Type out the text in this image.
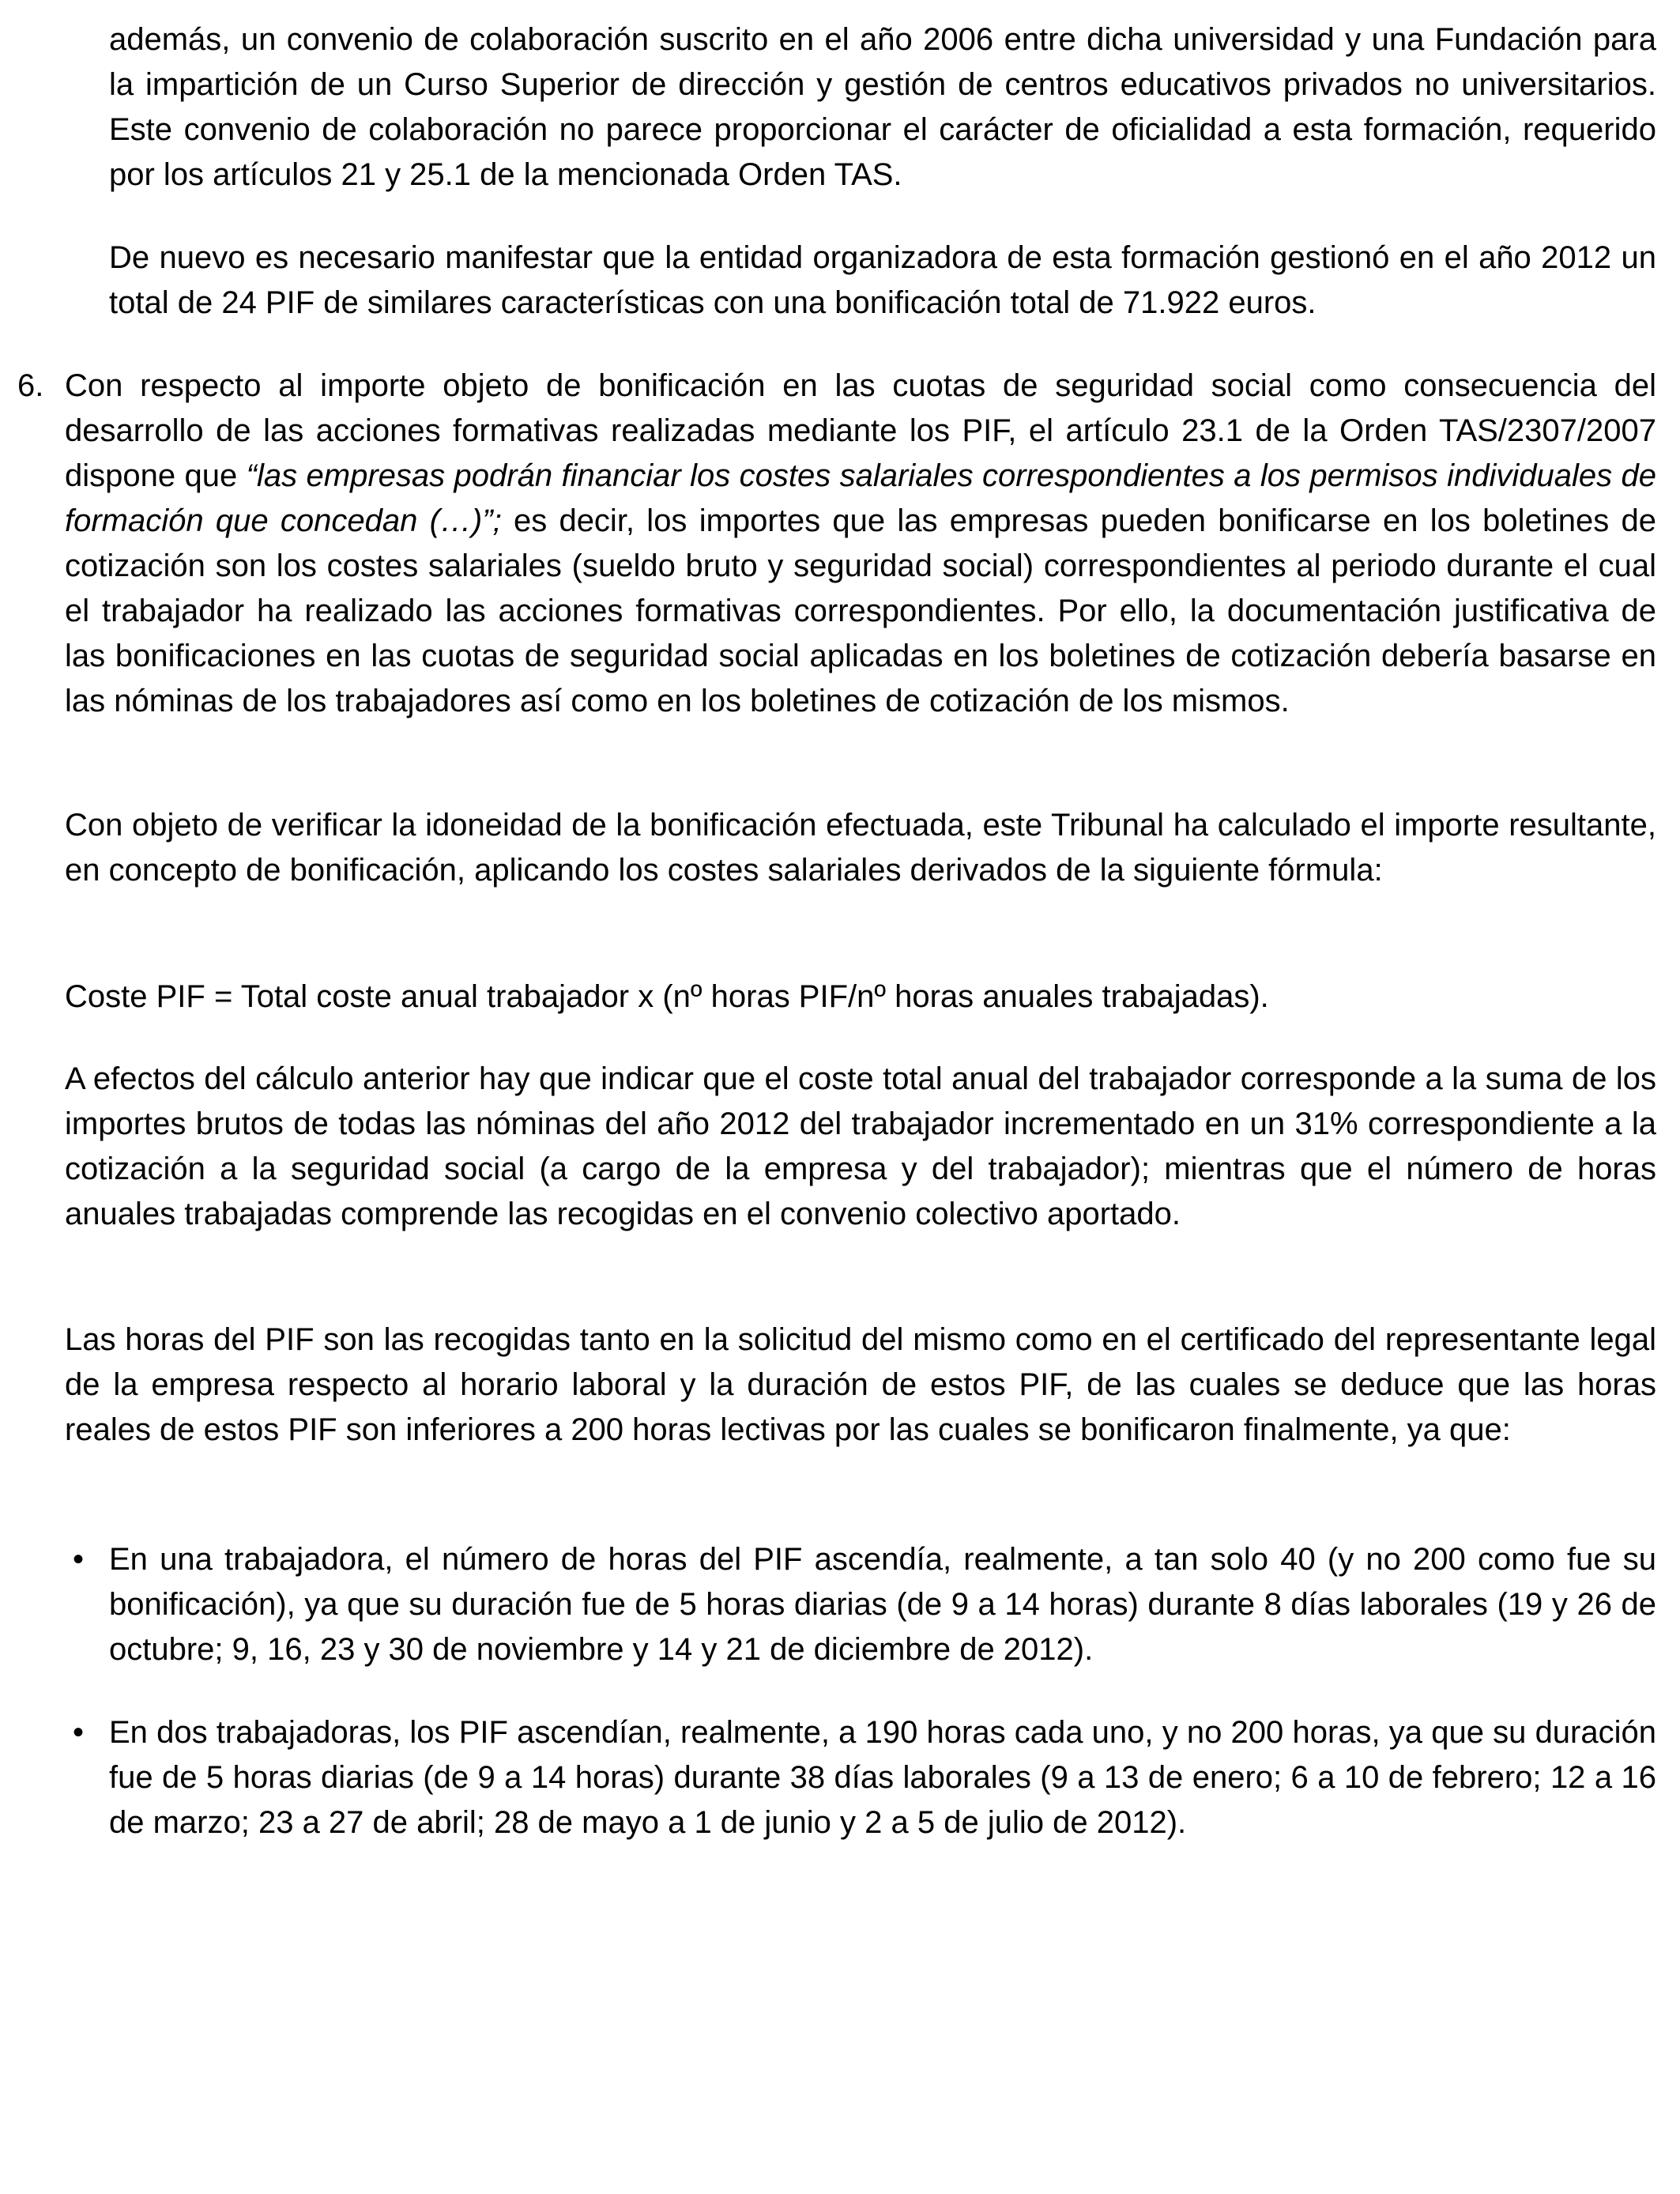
además, un convenio de colaboración suscrito en el año 2006 entre dicha universidad y una Fundación para la impartición de un Curso Superior de dirección y gestión de centros educativos privados no universitarios. Este convenio de colaboración no parece proporcionar el carácter de oficialidad a esta formación, requerido por los artículos 21 y 25.1 de la mencionada Orden TAS.

De nuevo es necesario manifestar que la entidad organizadora de esta formación gestionó en el año 2012 un total de 24 PIF de similares características con una bonificación total de 71.922 euros.

6. Con respecto al importe objeto de bonificación en las cuotas de seguridad social como consecuencia del desarrollo de las acciones formativas realizadas mediante los PIF, el artículo 23.1 de la Orden TAS/2307/2007 dispone que “las empresas podrán financiar los costes salariales correspondientes a los permisos individuales de formación que concedan (…)”; es decir, los importes que las empresas pueden bonificarse en los boletines de cotización son los costes salariales (sueldo bruto y seguridad social) correspondientes al periodo durante el cual el trabajador ha realizado las acciones formativas correspondientes. Por ello, la documentación justificativa de las bonificaciones en las cuotas de seguridad social aplicadas en los boletines de cotización debería basarse en las nóminas de los trabajadores así como en los boletines de cotización de los mismos.

Con objeto de verificar la idoneidad de la bonificación efectuada, este Tribunal ha calculado el importe resultante, en concepto de bonificación, aplicando los costes salariales derivados de la siguiente fórmula:

Coste PIF = Total coste anual trabajador x (nº horas PIF/nº horas anuales trabajadas).

A efectos del cálculo anterior hay que indicar que el coste total anual del trabajador corresponde a la suma de los importes brutos de todas las nóminas del año 2012 del trabajador incrementado en un 31% correspondiente a la cotización a la seguridad social (a cargo de la empresa y del trabajador); mientras que el número de horas anuales trabajadas comprende las recogidas en el convenio colectivo aportado.

Las horas del PIF son las recogidas tanto en la solicitud del mismo como en el certificado del representante legal de la empresa respecto al horario laboral y la duración de estos PIF, de las cuales se deduce que las horas reales de estos PIF son inferiores a 200 horas lectivas por las cuales se bonificaron finalmente, ya que:

• En una trabajadora, el número de horas del PIF ascendía, realmente, a tan solo 40 (y no 200 como fue su bonificación), ya que su duración fue de 5 horas diarias (de 9 a 14 horas) durante 8 días laborales (19 y 26 de octubre; 9, 16, 23 y 30 de noviembre y 14 y 21 de diciembre de 2012).

• En dos trabajadoras, los PIF ascendían, realmente, a 190 horas cada uno, y no 200 horas, ya que su duración fue de 5 horas diarias (de 9 a 14 horas) durante 38 días laborales (9 a 13 de enero; 6 a 10 de febrero; 12 a 16 de marzo; 23 a 27 de abril; 28 de mayo a 1 de junio y 2 a 5 de julio de 2012).
